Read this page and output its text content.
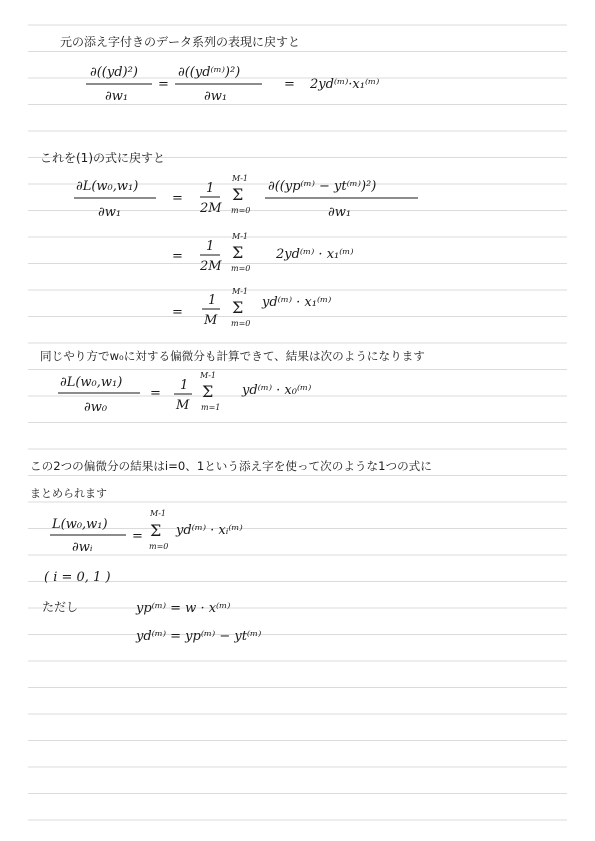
元の添え字付きのデータ系列の表現に戻すと
∂((yd)²)
∂w₁
=
∂((yd⁽ᵐ⁾)²)
∂w₁
= 2yd⁽ᵐ⁾·x₁⁽ᵐ⁾
これを(1)の式に戻すと
∂L(w₀,w₁)
∂w₁
=
1
2M
M-1
Σ
m=0
∂((yp⁽ᵐ⁾ − yt⁽ᵐ⁾)²)
∂w₁
=
1
2M
M-1
Σ
m=0
2yd⁽ᵐ⁾ · x₁⁽ᵐ⁾
=
1
M
M-1
Σ
m=0
yd⁽ᵐ⁾ · x₁⁽ᵐ⁾
同じやり方でw₀に対する偏微分も計算できて、結果は次のようになります
∂L(w₀,w₁)
∂w₀
=
1
M
M-1
Σ
m=1
yd⁽ᵐ⁾ · x₀⁽ᵐ⁾
この2つの偏微分の結果はi=0、1という添え字を使って次のような1つの式に
まとめられます
L(w₀,w₁)
∂wᵢ
=
M-1
Σ
m=0
yd⁽ᵐ⁾ · xᵢ⁽ᵐ⁾
( i = 0, 1 )
ただし	yp⁽ᵐ⁾ = w · x⁽ᵐ⁾
yd⁽ᵐ⁾ = yp⁽ᵐ⁾ − yt⁽ᵐ⁾
